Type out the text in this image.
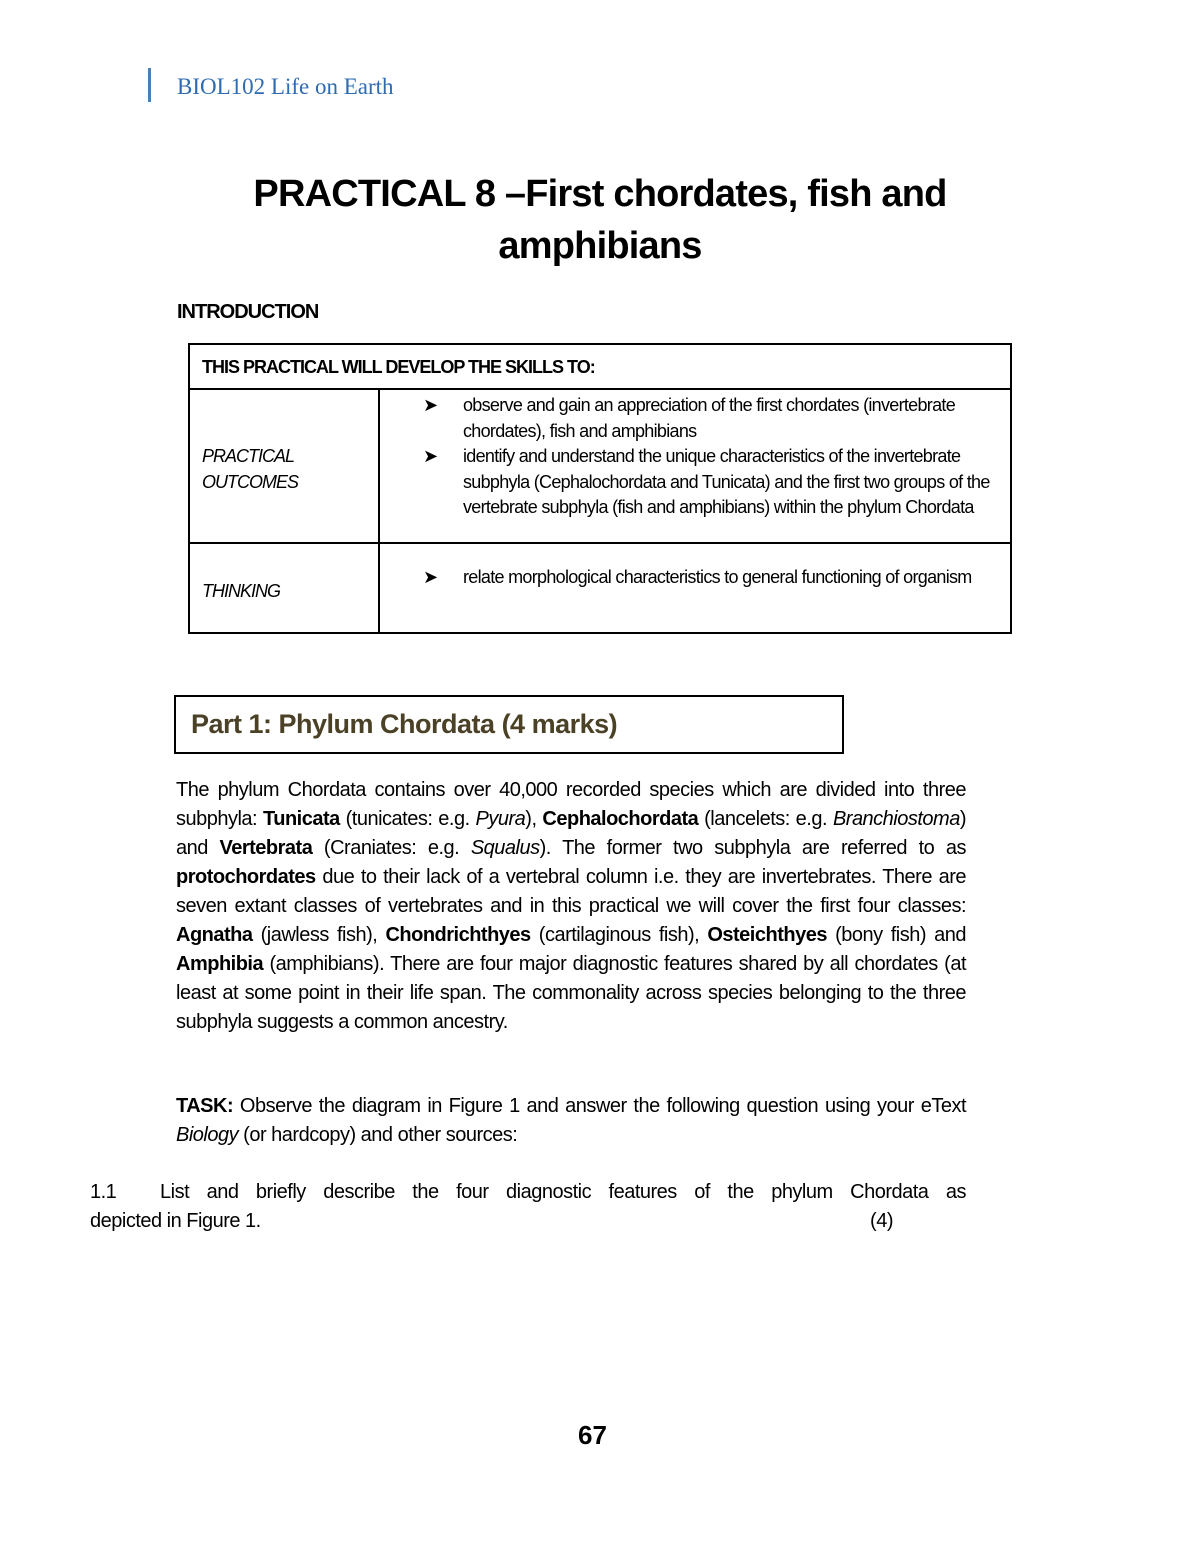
BIOL102 Life on Earth
PRACTICAL 8 –First chordates, fish and
amphibians
INTRODUCTION
THIS PRACTICAL WILL DEVELOP THE SKILLS TO:
PRACTICAL
OUTCOMES
➤ observe and gain an appreciation of the first chordates (invertebrate chordates), fish and amphibians
➤ identify and understand the unique characteristics of the invertebrate subphyla (Cephalochordata and Tunicata) and the first two groups of the vertebrate subphyla (fish and amphibians) within the phylum Chordata
THINKING
➤ relate morphological characteristics to general functioning of organism
Part 1: Phylum Chordata (4 marks)

The phylum Chordata contains over 40,000 recorded species which are divided into three subphyla: Tunicata (tunicates: e.g. Pyura), Cephalochordata (lancelets: e.g. Branchiostoma) and Vertebrata (Craniates: e.g. Squalus). The former two subphyla are referred to as protochordates due to their lack of a vertebral column i.e. they are invertebrates. There are seven extant classes of vertebrates and in this practical we will cover the first four classes: Agnatha (jawless fish), Chondrichthyes (cartilaginous fish), Osteichthyes (bony fish) and Amphibia (amphibians). There are four major diagnostic features shared by all chordates (at least at some point in their life span. The commonality across species belonging to the three subphyla suggests a common ancestry.

TASK: Observe the diagram in Figure 1 and answer the following question using your eText Biology (or hardcopy) and other sources:

1.1 List and briefly describe the four diagnostic features of the phylum Chordata as
depicted in Figure 1.	(4)
67
